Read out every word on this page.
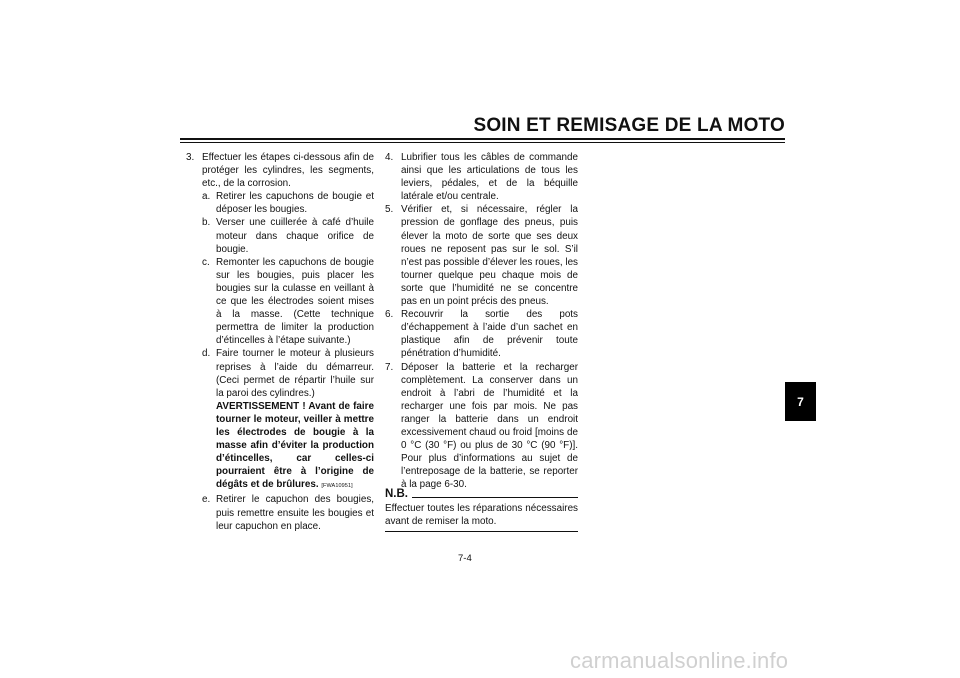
SOIN ET REMISAGE DE LA MOTO
3. Effectuer les étapes ci-dessous afin de protéger les cylindres, les segments, etc., de la corrosion.
a. Retirer les capuchons de bougie et déposer les bougies.
b. Verser une cuillerée à café d’huile moteur dans chaque orifice de bougie.
c. Remonter les capuchons de bougie sur les bougies, puis placer les bougies sur la culasse en veillant à ce que les électrodes soient mises à la masse. (Cette technique permettra de limiter la production d’étincelles à l’étape suivante.)
d. Faire tourner le moteur à plusieurs reprises à l’aide du démarreur. (Ceci permet de répartir l’huile sur la paroi des cylindres.)
AVERTISSEMENT ! Avant de faire tourner le moteur, veiller à mettre les électrodes de bougie à la masse afin d’éviter la production d’étincelles, car celles-ci pourraient être à l’origine de dégâts et de brûlures. [FWA10951]
e. Retirer le capuchon des bougies, puis remettre ensuite les bougies et leur capuchon en place.
4. Lubrifier tous les câbles de commande ainsi que les articulations de tous les leviers, pédales, et de la béquille latérale et/ou centrale.
5. Vérifier et, si nécessaire, régler la pression de gonflage des pneus, puis élever la moto de sorte que ses deux roues ne reposent pas sur le sol. S’il n’est pas possible d’élever les roues, les tourner quelque peu chaque mois de sorte que l’humidité ne se concentre pas en un point précis des pneus.
6. Recouvrir la sortie des pots d’échappement à l’aide d’un sachet en plastique afin de prévenir toute pénétration d’humidité.
7. Déposer la batterie et la recharger complètement. La conserver dans un endroit à l’abri de l’humidité et la recharger une fois par mois. Ne pas ranger la batterie dans un endroit excessivement chaud ou froid [moins de 0 °C (30 °F) ou plus de 30 °C (90 °F)]. Pour plus d’informations au sujet de l’entreposage de la batterie, se reporter à la page 6-30.
N.B.
Effectuer toutes les réparations nécessaires avant de remiser la moto.
7-4
7
carmanualsonline.info
